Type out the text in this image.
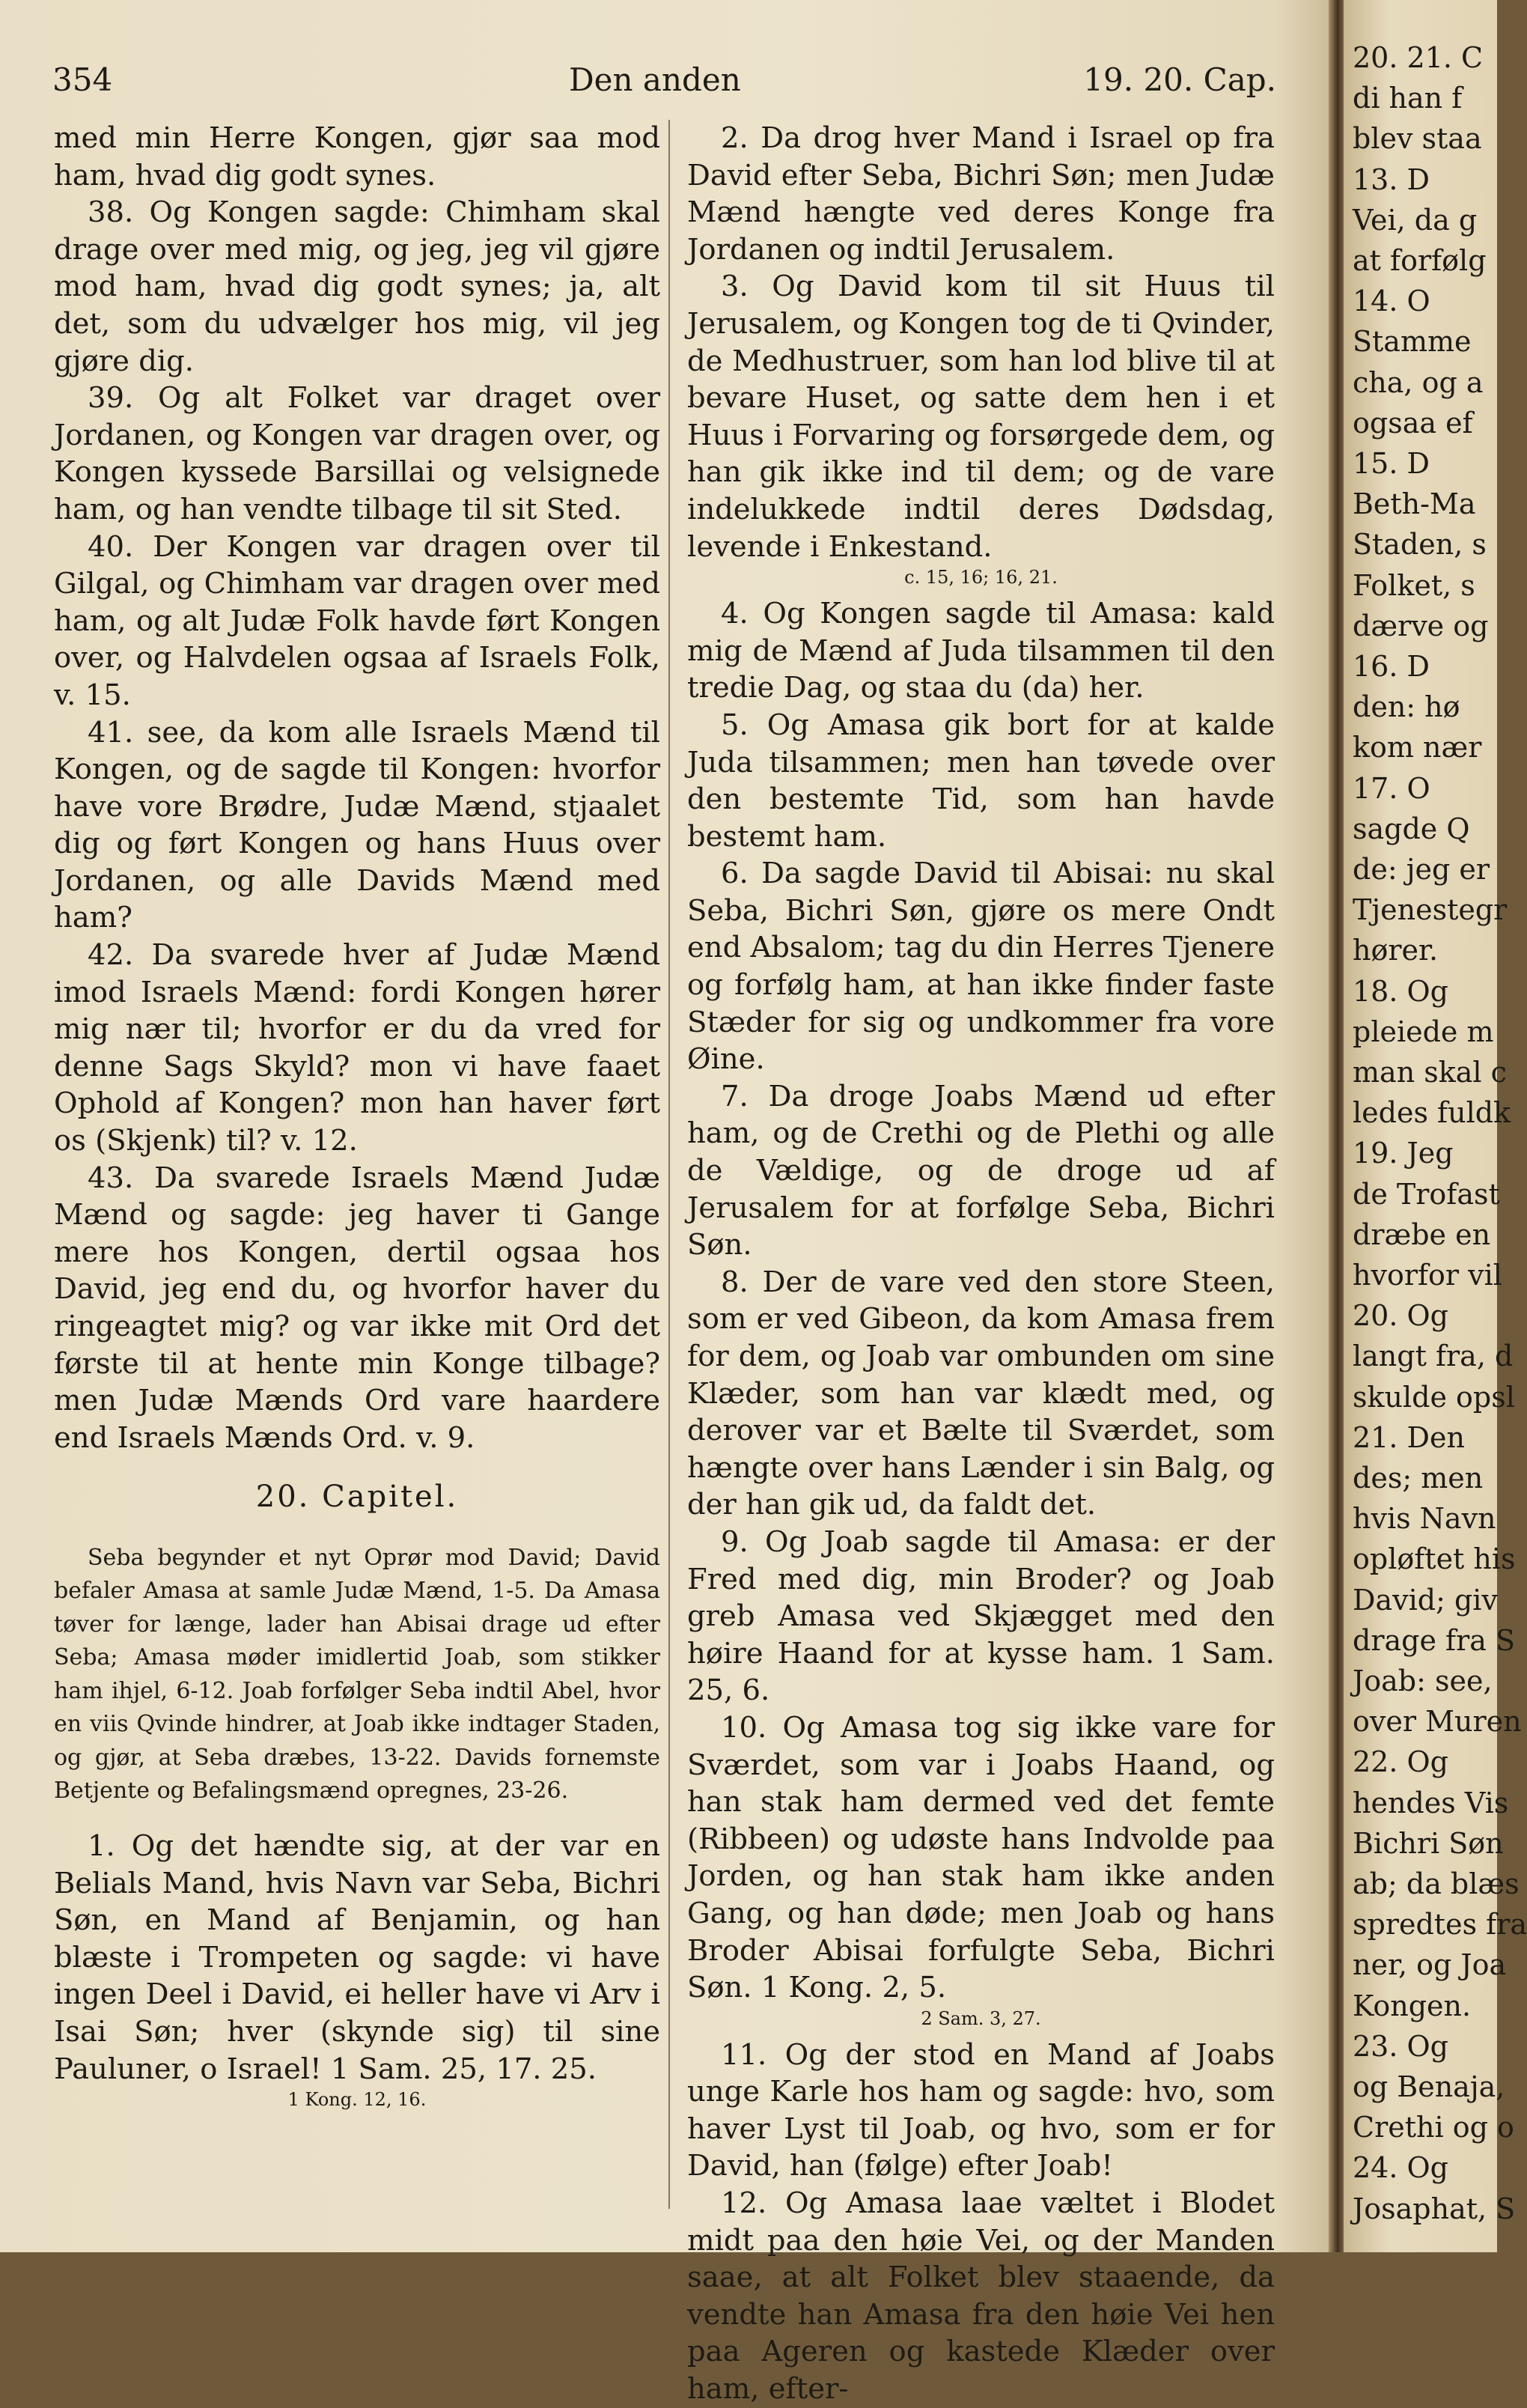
354	Den anden	19. 20. Cap.

med min Herre Kongen, gjør saa mod ham, hvad dig godt synes.

38. Og Kongen sagde: Chimham skal drage over med mig, og jeg, jeg vil gjøre mod ham, hvad dig godt synes; ja, alt det, som du udvælger hos mig, vil jeg gjøre dig.

39. Og alt Folket var draget over Jordanen, og Kongen var dragen over, og Kongen kyssede Barsillai og velsignede ham, og han vendte tilbage til sit Sted.

40. Der Kongen var dragen over til Gilgal, og Chimham var dragen over med ham, og alt Judæ Folk havde ført Kongen over, og Halvdelen ogsaa af Israels Folk, v. 15.

41. see, da kom alle Israels Mænd til Kongen, og de sagde til Kongen: hvorfor have vore Brødre, Judæ Mænd, stjaalet dig og ført Kongen og hans Huus over Jordanen, og alle Davids Mænd med ham?

42. Da svarede hver af Judæ Mænd imod Israels Mænd: fordi Kongen hører mig nær til; hvorfor er du da vred for denne Sags Skyld? mon vi have faaet Ophold af Kongen? mon han haver ført os (Skjenk) til? v. 12.

43. Da svarede Israels Mænd Judæ Mænd og sagde: jeg haver ti Gange mere hos Kongen, dertil ogsaa hos David, jeg end du, og hvorfor haver du ringeagtet mig? og var ikke mit Ord det første til at hente min Konge tilbage? men Judæ Mænds Ord vare haardere end Israels Mænds Ord. v. 9.

20. Capitel.

Seba begynder et nyt Oprør mod David; David befaler Amasa at samle Judæ Mænd, 1-5. Da Amasa tøver for længe, lader han Abisai drage ud efter Seba; Amasa møder imidlertid Joab, som stikker ham ihjel, 6-12. Joab forfølger Seba indtil Abel, hvor en viis Qvinde hindrer, at Joab ikke indtager Staden, og gjør, at Seba dræbes, 13-22. Davids fornemste Betjente og Befalingsmænd opregnes, 23-26.

1. Og det hændte sig, at der var en Belials Mand, hvis Navn var Seba, Bichri Søn, en Mand af Benjamin, og han blæste i Trompeten og sagde: vi have ingen Deel i David, ei heller have vi Arv i Isai Søn; hver (skynde sig) til sine Pauluner, o Israel! 1 Sam. 25, 17. 25.

1 Kong. 12, 16.

2. Da drog hver Mand i Israel op fra David efter Seba, Bichri Søn; men Judæ Mænd hængte ved deres Konge fra Jordanen og indtil Jerusalem.

3. Og David kom til sit Huus til Jerusalem, og Kongen tog de ti Qvinder, de Medhustruer, som han lod blive til at bevare Huset, og satte dem hen i et Huus i Forvaring og forsørgede dem, og han gik ikke ind til dem; og de vare indelukkede indtil deres Dødsdag, levende i Enkestand.

c. 15, 16; 16, 21.

4. Og Kongen sagde til Amasa: kald mig de Mænd af Juda tilsammen til den tredie Dag, og staa du (da) her.

5. Og Amasa gik bort for at kalde Juda tilsammen; men han tøvede over den bestemte Tid, som han havde bestemt ham.

6. Da sagde David til Abisai: nu skal Seba, Bichri Søn, gjøre os mere Ondt end Absalom; tag du din Herres Tjenere og forfølg ham, at han ikke finder faste Stæder for sig og undkommer fra vore Øine.

7. Da droge Joabs Mænd ud efter ham, og de Crethi og de Plethi og alle de Vældige, og de droge ud af Jerusalem for at forfølge Seba, Bichri Søn.

8. Der de vare ved den store Steen, som er ved Gibeon, da kom Amasa frem for dem, og Joab var ombunden om sine Klæder, som han var klædt med, og derover var et Bælte til Sværdet, som hængte over hans Lænder i sin Balg, og der han gik ud, da faldt det.

9. Og Joab sagde til Amasa: er der Fred med dig, min Broder? og Joab greb Amasa ved Skjægget med den høire Haand for at kysse ham. 1 Sam. 25, 6.

10. Og Amasa tog sig ikke vare for Sværdet, som var i Joabs Haand, og han stak ham dermed ved det femte (Ribbeen) og udøste hans Indvolde paa Jorden, og han stak ham ikke anden Gang, og han døde; men Joab og hans Broder Abisai forfulgte Seba, Bichri Søn. 1 Kong. 2, 5.

2 Sam. 3, 27.

11. Og der stod en Mand af Joabs unge Karle hos ham og sagde: hvo, som haver Lyst til Joab, og hvo, som er for David, han (følge) efter Joab!

12. Og Amasa laae væltet i Blodet midt paa den høie Vei, og der Manden saae, at alt Folket blev staaende, da vendte han Amasa fra den høie Vei hen paa Ageren og kastede Klæder over ham, efter-

20. 21. C
di han f
blev staa
13. D
Vei, da g
at forfølg
14. O
Stamme
cha, og a
ogsaa ef
15. D
Beth-Ma
Staden, s
Folket, s
dærve og
16. D
den: hø
kom nær
17. O
sagde Q
de: jeg er
Tjenestegr
hører.
18. Og
pleiede m
man skal c
ledes fuldk
19. Jeg
de Trofast
dræbe en
hvorfor vil
20. Og
langt fra, d
skulde opsl
21. Den
des; men
hvis Navn
opløftet his
David; giv
drage fra S
Joab: see,
over Muren
22. Og
hendes Vis
Bichri Søn
ab; da blæs
spredtes fra
ner, og Joa
Kongen.
23. Og
og Benaja,
Crethi og o
24. Og
Josaphat, S
